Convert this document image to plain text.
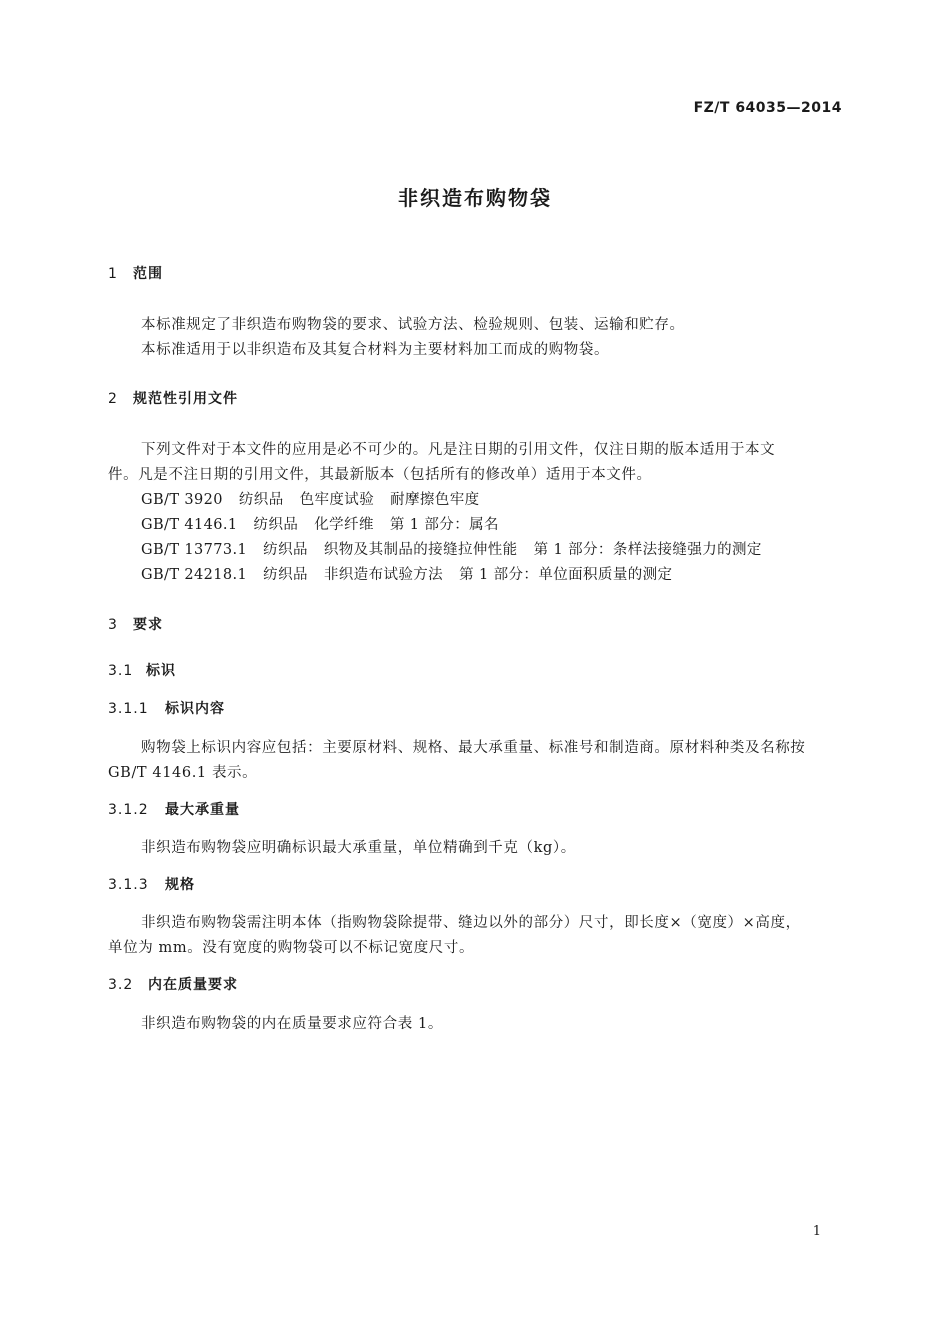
FZ/T 64035—2014
非织造布购物袋
1 范围
本标准规定了非织造布购物袋的要求、试验方法、检验规则、包装、运输和贮存。
本标准适用于以非织造布及其复合材料为主要材料加工而成的购物袋。
2 规范性引用文件
下列文件对于本文件的应用是必不可少的。凡是注日期的引用文件，仅注日期的版本适用于本文
件。凡是不注日期的引用文件，其最新版本（包括所有的修改单）适用于本文件。
GB/T 3920 纺织品 色牢度试验 耐摩擦色牢度
GB/T 4146.1 纺织品 化学纤维 第 1 部分：属名
GB/T 13773.1 纺织品 织物及其制品的接缝拉伸性能 第 1 部分：条样法接缝强力的测定
GB/T 24218.1 纺织品 非织造布试验方法 第 1 部分：单位面积质量的测定
3 要求
3.1 标识
3.1.1 标识内容
购物袋上标识内容应包括：主要原材料、规格、最大承重量、标准号和制造商。原材料种类及名称按
GB/T 4146.1 表示。
3.1.2 最大承重量
非织造布购物袋应明确标识最大承重量，单位精确到千克（kg）。
3.1.3 规格
非织造布购物袋需注明本体（指购物袋除提带、缝边以外的部分）尺寸，即长度×（宽度）×高度，
单位为 mm。没有宽度的购物袋可以不标记宽度尺寸。
3.2 内在质量要求
非织造布购物袋的内在质量要求应符合表 1。
1
